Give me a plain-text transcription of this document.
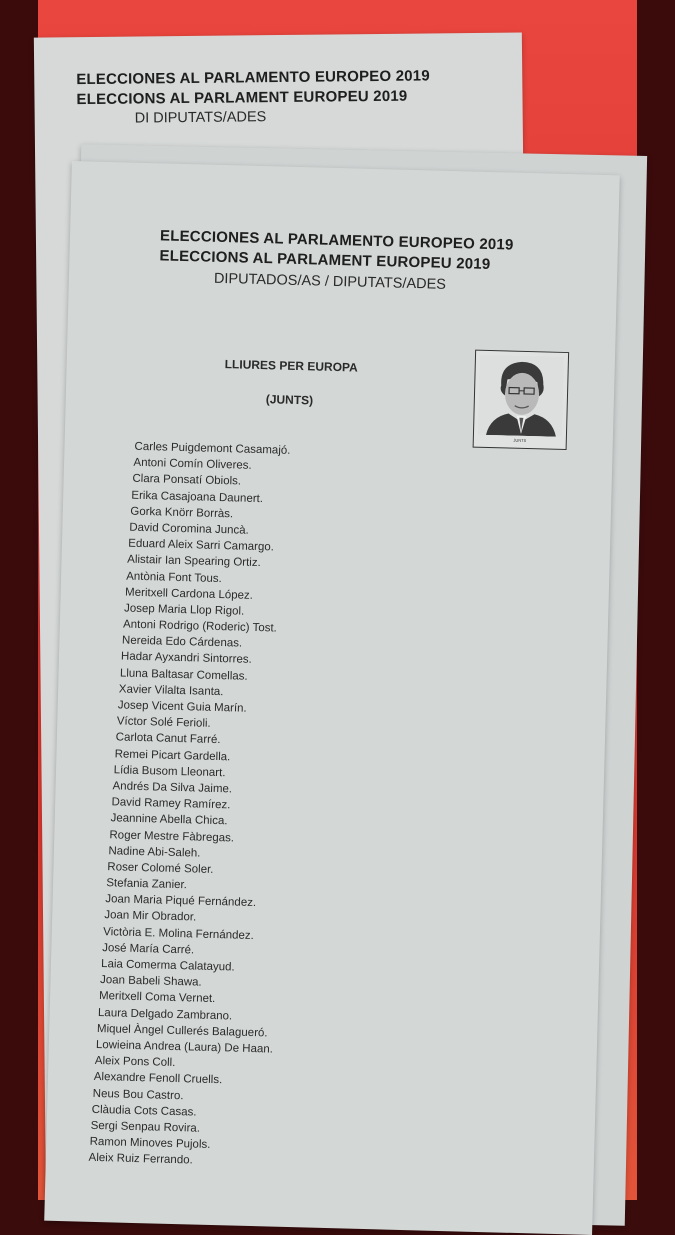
ELECCIONES AL PARLAMENTO EUROPEO 2019
ELECCIONS AL PARLAMENT EUROPEU 2019
DI DIPUTATS/ADES
ELECCIONES AL PARLAMENTO EUROPEO 2019
ELECCIONS AL PARLAMENT EUROPEU 2019
DIPUTADOS/AS / DIPUTATS/ADES
LLIURES PER EUROPA
(JUNTS)
JUNTS
Carles Puigdemont Casamajó.
Antoni Comín Oliveres.
Clara Ponsatí Obiols.
Erika Casajoana Daunert.
Gorka Knörr Borràs.
David Coromina Juncà.
Eduard Aleix Sarri Camargo.
Alistair Ian Spearing Ortiz.
Antònia Font Tous.
Meritxell Cardona López.
Josep Maria Llop Rigol.
Antoni Rodrigo (Roderic) Tost.
Nereida Edo Cárdenas.
Hadar Ayxandri Sintorres.
Lluna Baltasar Comellas.
Xavier Vilalta Isanta.
Josep Vicent Guia Marín.
Víctor Solé Ferioli.
Carlota Canut Farré.
Remei Picart Gardella.
Lídia Busom Lleonart.
Andrés Da Silva Jaime.
David Ramey Ramírez.
Jeannine Abella Chica.
Roger Mestre Fàbregas.
Nadine Abi-Saleh.
Roser Colomé Soler.
Stefania Zanier.
Joan Maria Piqué Fernández.
Joan Mir Obrador.
Victòria E. Molina Fernández.
José María Carré.
Laia Comerma Calatayud.
Joan Babeli Shawa.
Meritxell Coma Vernet.
Laura Delgado Zambrano.
Miquel Àngel Cullerés Balagueró.
Lowieina Andrea (Laura) De Haan.
Aleix Pons Coll.
Alexandre Fenoll Cruells.
Neus Bou Castro.
Clàudia Cots Casas.
Sergi Senpau Rovira.
Ramon Minoves Pujols.
Aleix Ruiz Ferrando.
